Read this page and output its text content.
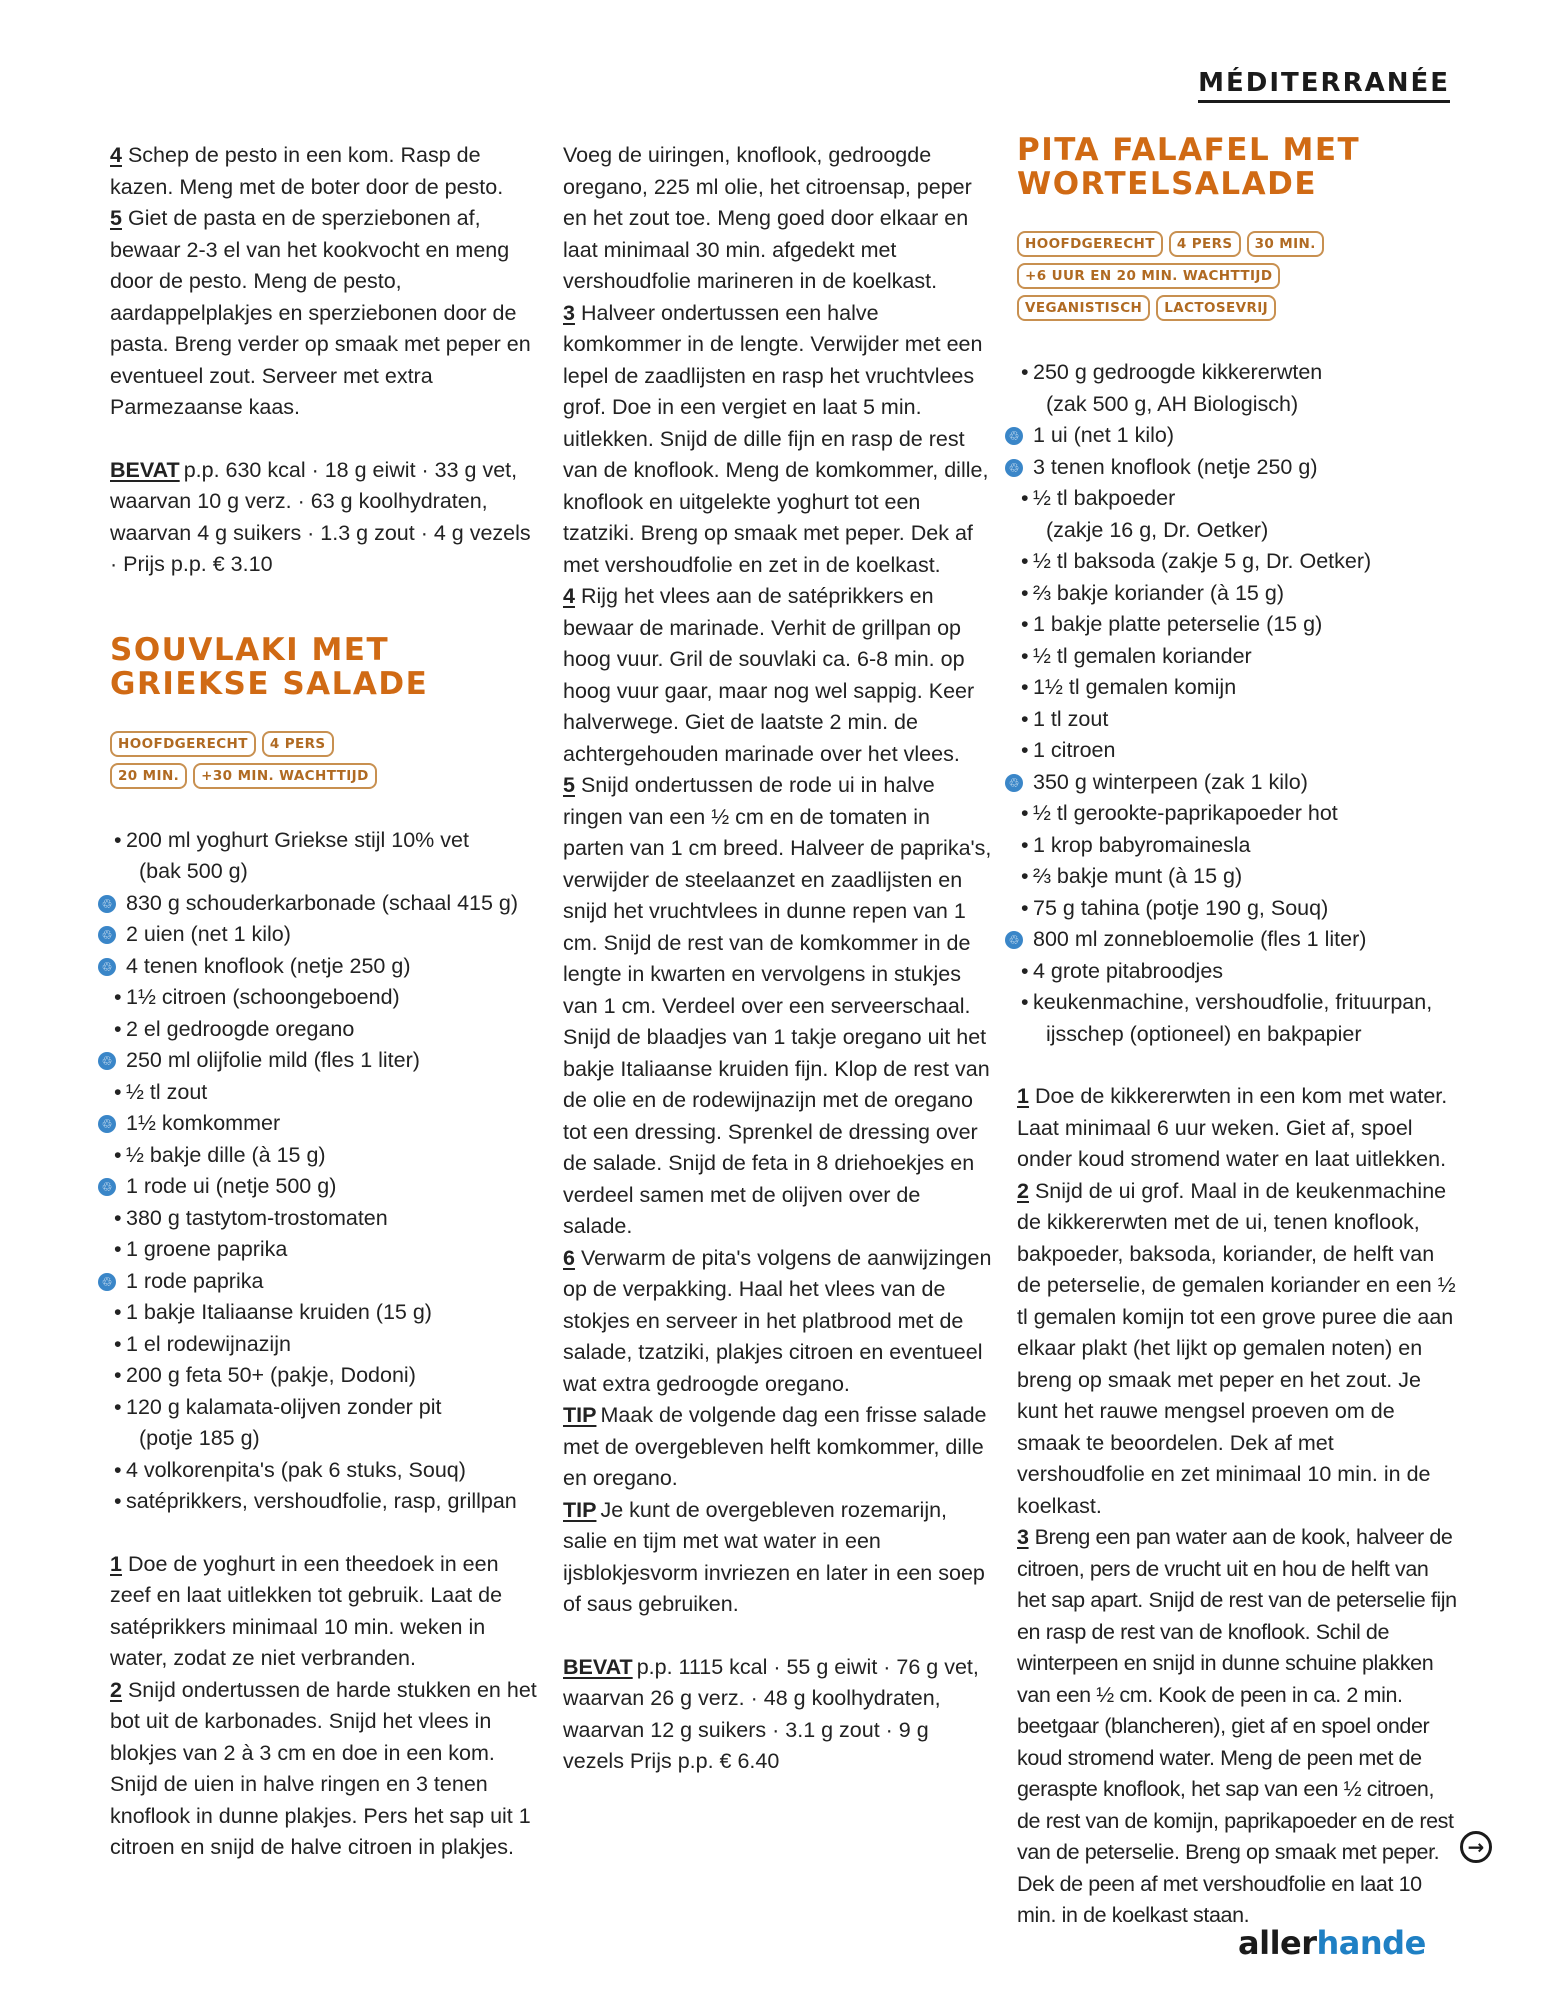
MÉDITERRANÉE

4 Schep de pesto in een kom. Rasp de kazen. Meng met de boter door de pesto.

5 Giet de pasta en de sperziebonen af, bewaar 2-3 el van het kookvocht en meng door de pesto. Meng de pesto, aardappelplakjes en sperziebonen door de pasta. Breng verder op smaak met peper en eventueel zout. Serveer met extra Parmezaanse kaas.

BEVAT p.p. 630 kcal · 18 g eiwit · 33 g vet, waarvan 10 g verz. · 63 g koolhydraten, waarvan 4 g suikers · 1.3 g zout · 4 g vezels · Prijs p.p. € 3.10

SOUVLAKI MET
GRIEKSE SALADE
HOOFDGERECHT	4 PERS
20 MIN.	+30 MIN. WACHTTIJD
• 200 ml yoghurt Griekse stijl 10% vet
(bak 500 g)
♲ 830 g schouderkarbonade (schaal 415 g)
♲ 2 uien (net 1 kilo)
♲ 4 tenen knoflook (netje 250 g)
• 1½ citroen (schoongeboend)
• 2 el gedroogde oregano
♲ 250 ml olijfolie mild (fles 1 liter)
• ½ tl zout
♲ 1½ komkommer
• ½ bakje dille (à 15 g)
♲ 1 rode ui (netje 500 g)
• 380 g tastytom-trostomaten
• 1 groene paprika
♲ 1 rode paprika
• 1 bakje Italiaanse kruiden (15 g)
• 1 el rodewijnazijn
• 200 g feta 50+ (pakje, Dodoni)
• 120 g kalamata-olijven zonder pit
(potje 185 g)
• 4 volkorenpita's (pak 6 stuks, Souq)
• satéprikkers, vershoudfolie, rasp, grillpan

1 Doe de yoghurt in een theedoek in een zeef en laat uitlekken tot gebruik. Laat de satéprikkers minimaal 10 min. weken in water, zodat ze niet verbranden.

2 Snijd ondertussen de harde stukken en het bot uit de karbonades. Snijd het vlees in blokjes van 2 à 3 cm en doe in een kom. Snijd de uien in halve ringen en 3 tenen knoflook in dunne plakjes. Pers het sap uit 1 citroen en snijd de halve citroen in plakjes.

Voeg de uiringen, knoflook, gedroogde oregano, 225 ml olie, het citroensap, peper en het zout toe. Meng goed door elkaar en laat minimaal 30 min. afgedekt met vershoudfolie marineren in de koelkast.

3 Halveer ondertussen een halve komkommer in de lengte. Verwijder met een lepel de zaadlijsten en rasp het vruchtvlees grof. Doe in een vergiet en laat 5 min. uitlekken. Snijd de dille fijn en rasp de rest van de knoflook. Meng de komkommer, dille, knoflook en uitgelekte yoghurt tot een tzatziki. Breng op smaak met peper. Dek af met vershoudfolie en zet in de koelkast.

4 Rijg het vlees aan de satéprikkers en bewaar de marinade. Verhit de grillpan op hoog vuur. Gril de souvlaki ca. 6-8 min. op hoog vuur gaar, maar nog wel sappig. Keer halverwege. Giet de laatste 2 min. de achtergehouden marinade over het vlees.

5 Snijd ondertussen de rode ui in halve ringen van een ½ cm en de tomaten in parten van 1 cm breed. Halveer de paprika's, verwijder de steelaanzet en zaadlijsten en snijd het vruchtvlees in dunne repen van 1 cm. Snijd de rest van de komkommer in de lengte in kwarten en vervolgens in stukjes van 1 cm. Verdeel over een serveerschaal. Snijd de blaadjes van 1 takje oregano uit het bakje Italiaanse kruiden fijn. Klop de rest van de olie en de rodewijnazijn met de oregano tot een dressing. Sprenkel de dressing over de salade. Snijd de feta in 8 driehoekjes en verdeel samen met de olijven over de salade.

6 Verwarm de pita's volgens de aanwijzingen op de verpakking. Haal het vlees van de stokjes en serveer in het platbrood met de salade, tzatziki, plakjes citroen en eventueel wat extra gedroogde oregano.

TIP Maak de volgende dag een frisse salade met de overgebleven helft komkommer, dille en oregano.

TIP Je kunt de overgebleven rozemarijn, salie en tijm met wat water in een ijsblokjesvorm invriezen en later in een soep of saus gebruiken.

BEVAT p.p. 1115 kcal · 55 g eiwit · 76 g vet, waarvan 26 g verz. · 48 g koolhydraten, waarvan 12 g suikers · 3.1 g zout · 9 g vezels Prijs p.p. € 6.40

PITA FALAFEL MET
WORTELSALADE
HOOFDGERECHT	4 PERS	30 MIN.
+6 UUR EN 20 MIN. WACHTTIJD
VEGANISTISCH	LACTOSEVRIJ
• 250 g gedroogde kikkererwten
(zak 500 g, AH Biologisch)
♲ 1 ui (net 1 kilo)
♲ 3 tenen knoflook (netje 250 g)
• ½ tl bakpoeder
(zakje 16 g, Dr. Oetker)
• ½ tl baksoda (zakje 5 g, Dr. Oetker)
• ⅔ bakje koriander (à 15 g)
• 1 bakje platte peterselie (15 g)
• ½ tl gemalen koriander
• 1½ tl gemalen komijn
• 1 tl zout
• 1 citroen
♲ 350 g winterpeen (zak 1 kilo)
• ½ tl gerookte-paprikapoeder hot
• 1 krop babyromainesla
• ⅔ bakje munt (à 15 g)
• 75 g tahina (potje 190 g, Souq)
♲ 800 ml zonnebloemolie (fles 1 liter)
• 4 grote pitabroodjes
• keukenmachine, vershoudfolie, frituurpan,
ijsschep (optioneel) en bakpapier

1 Doe de kikkererwten in een kom met water. Laat minimaal 6 uur weken. Giet af, spoel onder koud stromend water en laat uitlekken.

2 Snijd de ui grof. Maal in de keukenmachine de kikkererwten met de ui, tenen knoflook, bakpoeder, baksoda, koriander, de helft van de peterselie, de gemalen koriander en een ½ tl gemalen komijn tot een grove puree die aan elkaar plakt (het lijkt op gemalen noten) en breng op smaak met peper en het zout. Je kunt het rauwe mengsel proeven om de smaak te beoordelen. Dek af met vershoudfolie en zet minimaal 10 min. in de koelkast.

3 Breng een pan water aan de kook, halveer de citroen, pers de vrucht uit en hou de helft van het sap apart. Snijd de rest van de peterselie fijn en rasp de rest van de knoflook. Schil de winterpeen en snijd in dunne schuine plakken van een ½ cm. Kook de peen in ca. 2 min. beetgaar (blancheren), giet af en spoel onder koud stromend water. Meng de peen met de geraspte knoflook, het sap van een ½ citroen, de rest van de komijn, paprikapoeder en de rest van de peterselie. Breng op smaak met peper. Dek de peen af met vershoudfolie en laat 10 min. in de koelkast staan.

→
allerhande
